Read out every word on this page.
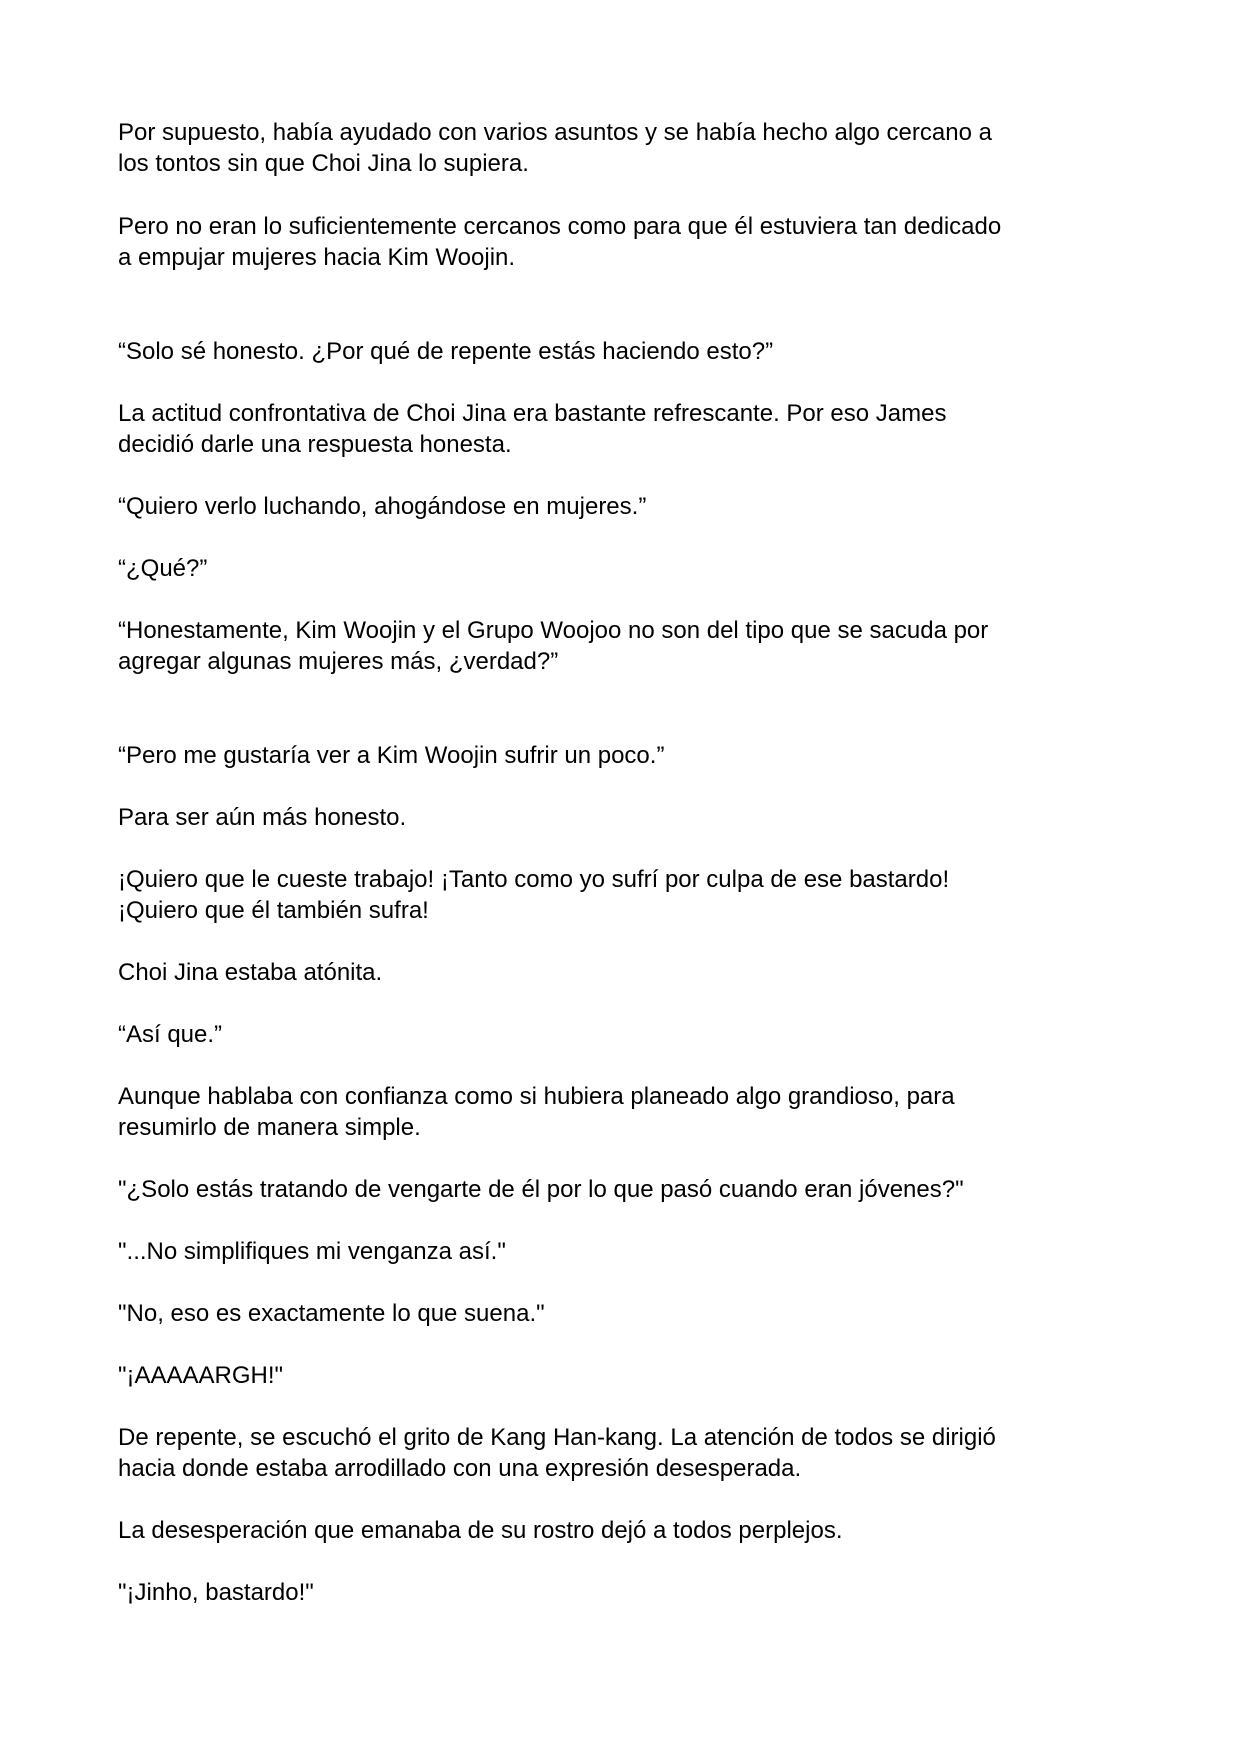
Por supuesto, había ayudado con varios asuntos y se había hecho algo cercano a
los tontos sin que Choi Jina lo supiera.

Pero no eran lo suficientemente cercanos como para que él estuviera tan dedicado
a empujar mujeres hacia Kim Woojin.

“Solo sé honesto. ¿Por qué de repente estás haciendo esto?”

La actitud confrontativa de Choi Jina era bastante refrescante. Por eso James
decidió darle una respuesta honesta.

“Quiero verlo luchando, ahogándose en mujeres.”

“¿Qué?”

“Honestamente, Kim Woojin y el Grupo Woojoo no son del tipo que se sacuda por
agregar algunas mujeres más, ¿verdad?”

“Pero me gustaría ver a Kim Woojin sufrir un poco.”

Para ser aún más honesto.

¡Quiero que le cueste trabajo! ¡Tanto como yo sufrí por culpa de ese bastardo!
¡Quiero que él también sufra!

Choi Jina estaba atónita.

“Así que.”

Aunque hablaba con confianza como si hubiera planeado algo grandioso, para
resumirlo de manera simple.

"¿Solo estás tratando de vengarte de él por lo que pasó cuando eran jóvenes?"

"...No simplifiques mi venganza así."

"No, eso es exactamente lo que suena."

"¡AAAAARGH!"

De repente, se escuchó el grito de Kang Han-kang. La atención de todos se dirigió
hacia donde estaba arrodillado con una expresión desesperada.

La desesperación que emanaba de su rostro dejó a todos perplejos.

"¡Jinho, bastardo!"
